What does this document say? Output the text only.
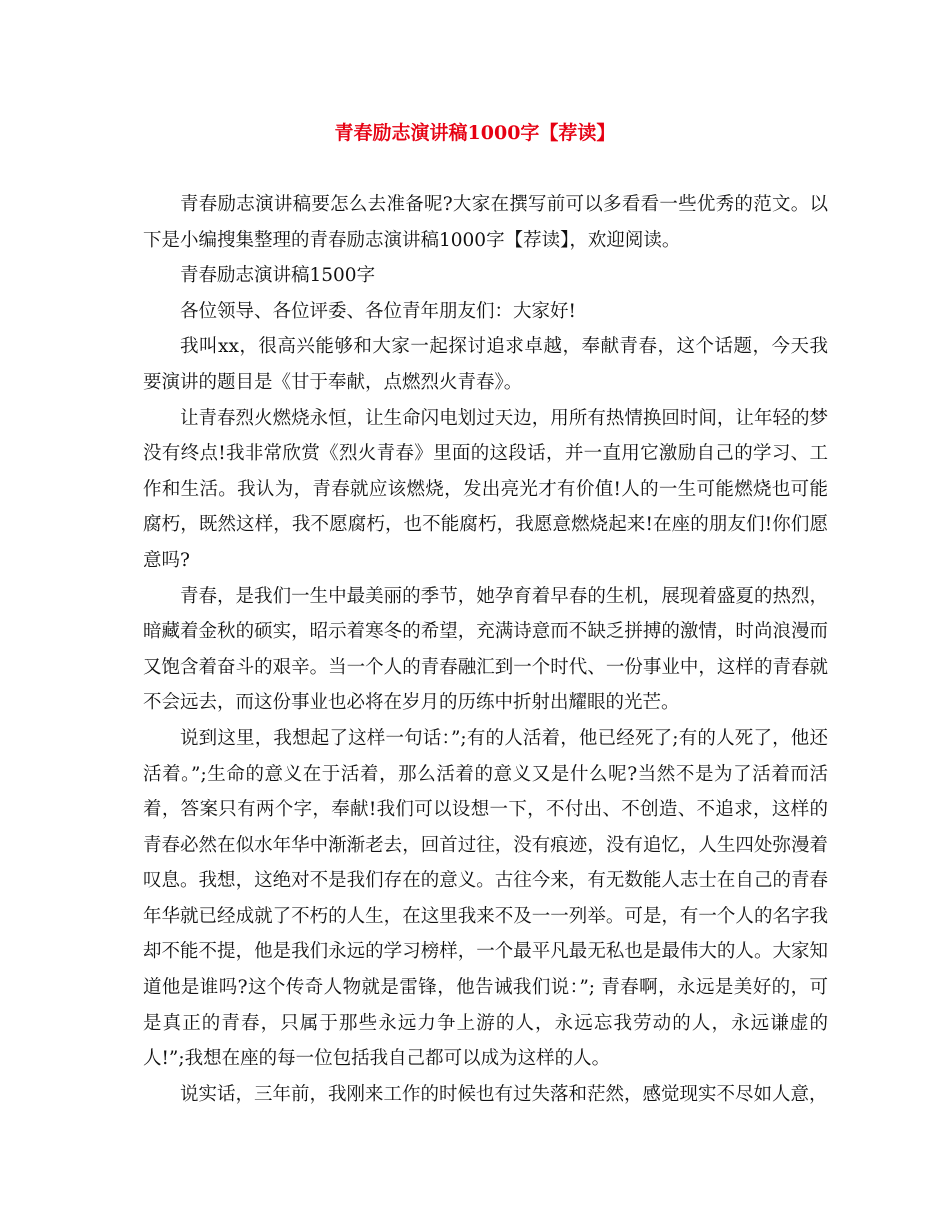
青春励志演讲稿1000字【荐读】

青春励志演讲稿要怎么去准备呢?大家在撰写前可以多看看一些优秀的范文。以下是小编搜集整理的青春励志演讲稿1000字【荐读】，欢迎阅读。

青春励志演讲稿1500字

各位领导、各位评委、各位青年朋友们：大家好!

我叫xx，很高兴能够和大家一起探讨追求卓越，奉献青春，这个话题，今天我要演讲的题目是《甘于奉献，点燃烈火青春》。

让青春烈火燃烧永恒，让生命闪电划过天边，用所有热情换回时间，让年轻的梦没有终点!我非常欣赏《烈火青春》里面的这段话，并一直用它激励自己的学习、工作和生活。我认为，青春就应该燃烧，发出亮光才有价值!人的一生可能燃烧也可能腐朽，既然这样，我不愿腐朽，也不能腐朽，我愿意燃烧起来!在座的朋友们!你们愿意吗?

青春，是我们一生中最美丽的季节，她孕育着早春的生机，展现着盛夏的热烈，暗藏着金秋的硕实，昭示着寒冬的希望，充满诗意而不缺乏拼搏的激情，时尚浪漫而又饱含着奋斗的艰辛。当一个人的青春融汇到一个时代、一份事业中，这样的青春就不会远去，而这份事业也必将在岁月的历练中折射出耀眼的光芒。

说到这里，我想起了这样一句话：”;有的人活着，他已经死了;有的人死了，他还活着。”;生命的意义在于活着，那么活着的意义又是什么呢?当然不是为了活着而活着，答案只有两个字，奉献!我们可以设想一下，不付出、不创造、不追求，这样的青春必然在似水年华中渐渐老去，回首过往，没有痕迹，没有追忆，人生四处弥漫着叹息。我想，这绝对不是我们存在的意义。古往今来，有无数能人志士在自己的青春年华就已经成就了不朽的人生，在这里我来不及一一列举。可是，有一个人的名字我却不能不提，他是我们永远的学习榜样，一个最平凡最无私也是最伟大的人。大家知道他是谁吗?这个传奇人物就是雷锋，他告诫我们说：”; 青春啊，永远是美好的，可是真正的青春，只属于那些永远力争上游的人，永远忘我劳动的人，永远谦虚的人!”;我想在座的每一位包括我自己都可以成为这样的人。

说实话，三年前，我刚来工作的时候也有过失落和茫然，感觉现实不尽如人意，
